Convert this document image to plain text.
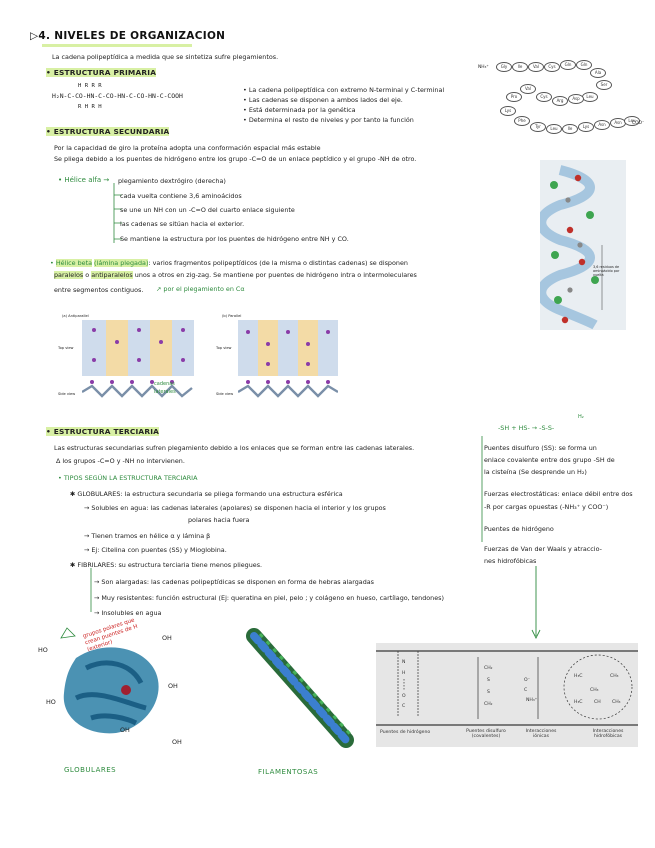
▷4. NIVELES DE ORGANIZACION
La cadena polipeptídica a medida que se sintetiza sufre plegamientos.
• ESTRUCTURA PRIMARIA
H R R R
H₂N-C-CO-HN-C-CO-HN-C-CO-HN-C-COOH
R H R H
• La cadena polipeptídica con extremo N-terminal y C-terminal
• Las cadenas se disponen a ambos lados del eje.
• Está determinada por la genética
• Determina el resto de niveles y por tanto la función
NH₃⁺	Gly	Ile	Val	Cys	Gln	Gln
Ala
Ser
Leu
Asp
Arg
Cys
Val
Pro
Lys
Phe
Tyr	Leu	Ile	Lys	Asn	Asn	Leu
COO⁻
• ESTRUCTURA SECUNDARIA
Por la capacidad de giro la proteína adopta una conformación espacial más estable
Se pliega debido a los puentes de hidrógeno entre los grupo -C=O de un enlace peptídico y el grupo -NH de otro.
• Hélice alfa → plegamiento dextrógiro (derecha)
cada vuelta contiene 3,6 aminoácidos
se une un NH con un -C=O del cuarto enlace siguiente
las cadenas se sitúan hacia el exterior.
Se mantiene la estructura por los puentes de hidrógeno entre NH y CO.
3,6 residuos de aminoácido por vuelta
• Hélice beta (lámina plegada): varios fragmentos polipeptídicos (de la misma o distintas cadenas) se disponen
paralelos o antiparalelos unos a otros en zig-zag. Se mantiene por puentes de hidrógeno intra o intermoleculares
entre segmentos contiguos. ↗ por el plegamiento en Cα
(a) Antiparallel
Top view
Side view
cadenas laterales
(b) Parallel
Top view
Side view
• ESTRUCTURA TERCIARIA
Las estructuras secundarias sufren plegamiento debido a los enlaces que se forman entre las cadenas laterales.
Δ los grupos -C=O y -NH no intervienen.
• TIPOS SEGÚN LA ESTRUCTURA TERCIARIA
✱ GLOBULARES: la estructura secundaria se pliega formando una estructura esférica
→ Solubles en agua: las cadenas laterales (apolares) se disponen hacia el interior y los grupos
polares hacia fuera
→ Tienen tramos en hélice α y lámina β
→ Ej: Citelina con puentes (SS) y Mioglobina.
✱ FIBRILARES: su estructura terciaria tiene menos pliegues.
→ Son alargadas: las cadenas polipeptídicas se disponen en forma de hebras alargadas
→ Muy resistentes: función estructural (Ej: queratina en piel, pelo ; y colágeno en hueso, cartílago, tendones)
→ Insolubles en agua
-SH + HS- → -S-S-
H₂
Puentes disulfuro (SS): se forma un
enlace covalente entre dos grupo -SH de
la cisteína (Se desprende un H₂)
Fuerzas electrostáticas: enlace débil entre dos
-R por cargas opuestas (-NH₃⁺ y COO⁻)
Puentes de hidrógeno
Fuerzas de Van der Waals y atraccio-
nes hidrofóbicas
OH
OH
OH
OH
HO
HO
grupos polares que crean puentes de H (exterior)
GLOBULARES	FILAMENTOSAS
N
H
O
C
CH₂
S
S
CH₂
O⁻
C
NH₃⁺
H₃C	CH₃
CH₃
H₃C CH CH₃
Puentes de hidrógeno	Puentes disulfuro (covalentes)
Interacciones iónicas
Interacciones hidrofóbicas
